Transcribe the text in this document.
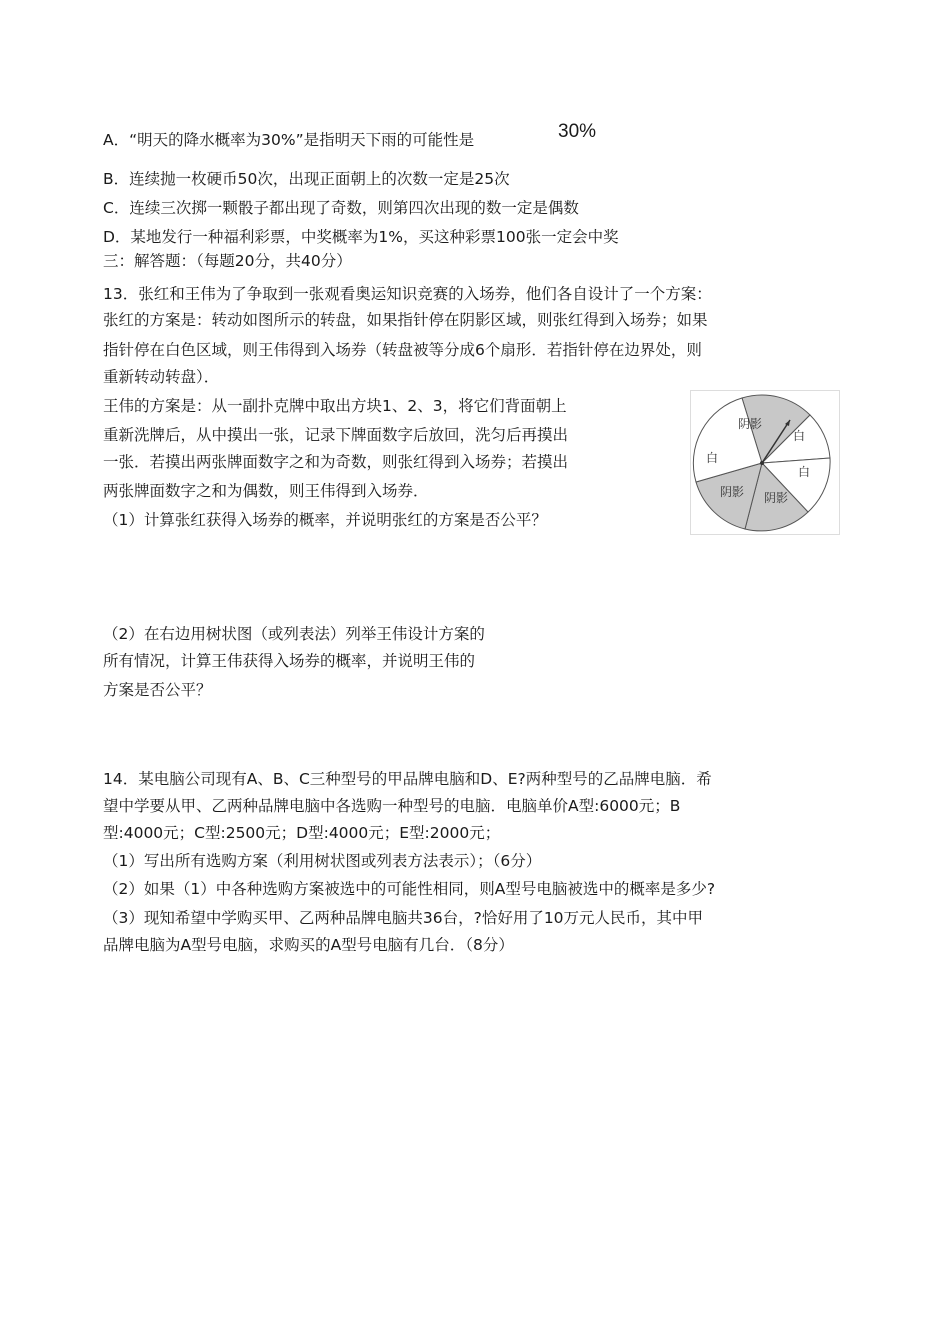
A．“明天的降水概率为30%”是指明天下雨的可能性是	30%
B．连续抛一枚硬币50次，出现正面朝上的次数一定是25次
C．连续三次掷一颗骰子都出现了奇数，则第四次出现的数一定是偶数
D．某地发行一种福利彩票，中奖概率为1%，买这种彩票100张一定会中奖
三：解答题：（每题20分，共40分）
13．张红和王伟为了争取到一张观看奥运知识竞赛的入场券，他们各自设计了一个方案：
张红的方案是：转动如图所示的转盘，如果指针停在阴影区域，则张红得到入场券；如果
指针停在白色区域，则王伟得到入场券（转盘被等分成6个扇形．若指针停在边界处，则
重新转动转盘）．
王伟的方案是：从一副扑克牌中取出方块1、2、3，将它们背面朝上
重新洗牌后，从中摸出一张，记录下牌面数字后放回，洗匀后再摸出
一张．若摸出两张牌面数字之和为奇数，则张红得到入场券；若摸出
两张牌面数字之和为偶数，则王伟得到入场券．
（1）计算张红获得入场券的概率，并说明张红的方案是否公平？
（2）在右边用树状图（或列表法）列举王伟设计方案的
所有情况，计算王伟获得入场券的概率，并说明王伟的
方案是否公平？
阴影
白
白
白
阴影 阴影
14．某电脑公司现有A、B、C三种型号的甲品牌电脑和D、E?两种型号的乙品牌电脑．希
望中学要从甲、乙两种品牌电脑中各选购一种型号的电脑．电脑单价A型:6000元；B
型:4000元；C型:2500元；D型:4000元；E型:2000元；
（1）写出所有选购方案（利用树状图或列表方法表示）；（6分）
（2）如果（1）中各种选购方案被选中的可能性相同，则A型号电脑被选中的概率是多少?
（3）现知希望中学购买甲、乙两种品牌电脑共36台，?恰好用了10万元人民币，其中甲
品牌电脑为A型号电脑，求购买的A型号电脑有几台．（8分）
